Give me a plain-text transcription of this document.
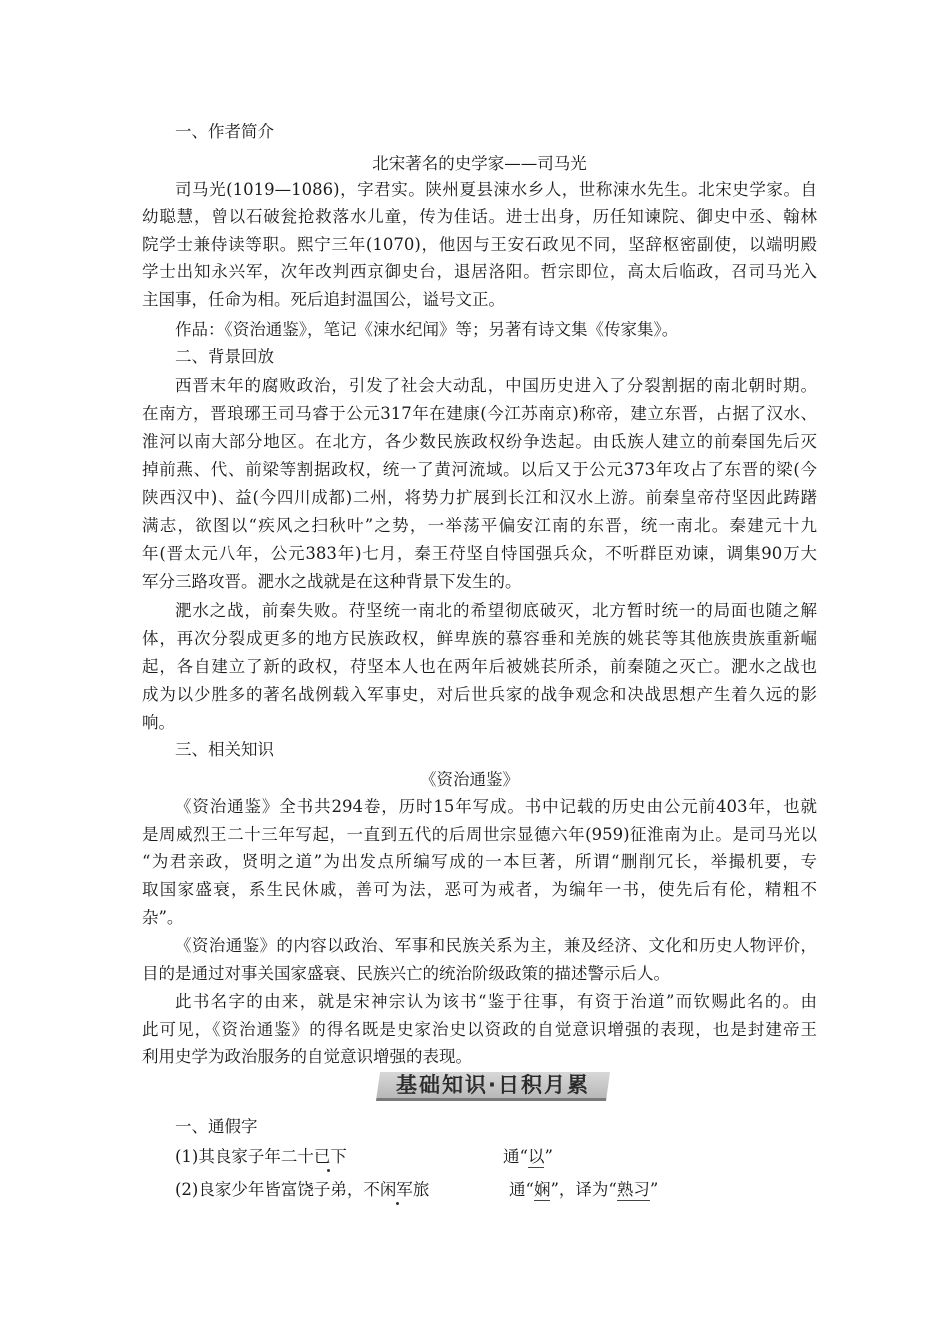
一、作者简介
北宋著名的史学家——司马光
司马光(1019—1086)，字君实。陕州夏县涑水乡人，世称涑水先生。北宋史学家。自
幼聪慧，曾以石破瓮抢救落水儿童，传为佳话。进士出身，历任知谏院、御史中丞、翰林
院学士兼侍读等职。熙宁三年(1070)，他因与王安石政见不同，坚辞枢密副使，以端明殿
学士出知永兴军，次年改判西京御史台，退居洛阳。哲宗即位，高太后临政，召司马光入
主国事，任命为相。死后追封温国公，谥号文正。
作品：《资治通鉴》，笔记《涑水纪闻》等；另著有诗文集《传家集》。
二、背景回放
西晋末年的腐败政治，引发了社会大动乱，中国历史进入了分裂割据的南北朝时期。
在南方，晋琅琊王司马睿于公元317年在建康(今江苏南京)称帝，建立东晋，占据了汉水、
淮河以南大部分地区。在北方，各少数民族政权纷争迭起。由氐族人建立的前秦国先后灭
掉前燕、代、前梁等割据政权，统一了黄河流域。以后又于公元373年攻占了东晋的梁(今
陕西汉中)、益(今四川成都)二州，将势力扩展到长江和汉水上游。前秦皇帝苻坚因此踌躇
满志，欲图以“疾风之扫秋叶”之势，一举荡平偏安江南的东晋，统一南北。秦建元十九
年(晋太元八年，公元383年)七月，秦王苻坚自恃国强兵众，不听群臣劝谏，调集90万大
军分三路攻晋。淝水之战就是在这种背景下发生的。
淝水之战，前秦失败。苻坚统一南北的希望彻底破灭，北方暂时统一的局面也随之解
体，再次分裂成更多的地方民族政权，鲜卑族的慕容垂和羌族的姚苌等其他族贵族重新崛
起，各自建立了新的政权，苻坚本人也在两年后被姚苌所杀，前秦随之灭亡。淝水之战也
成为以少胜多的著名战例载入军事史，对后世兵家的战争观念和决战思想产生着久远的影
响。
三、相关知识
《资治通鉴》
《资治通鉴》全书共294卷，历时15年写成。书中记载的历史由公元前403年，也就
是周威烈王二十三年写起，一直到五代的后周世宗显德六年(959)征淮南为止。是司马光以
“为君亲政，贤明之道”为出发点所编写成的一本巨著，所谓“删削冗长，举撮机要，专
取国家盛衰，系生民休戚，善可为法，恶可为戒者，为编年一书，使先后有伦，精粗不
杂”。
《资治通鉴》的内容以政治、军事和民族关系为主，兼及经济、文化和历史人物评价，
目的是通过对事关国家盛衰、民族兴亡的统治阶级政策的描述警示后人。
此书名字的由来，就是宋神宗认为该书“鉴于往事，有资于治道”而钦赐此名的。由
此可见，《资治通鉴》的得名既是史家治史以资政的自觉意识增强的表现，也是封建帝王
利用史学为政治服务的自觉意识增强的表现。
基础知识·日积月累
一、通假字
(1)其良家子年二十已下	通“以”
(2)良家少年皆富饶子弟，不闲军旅	通“娴”，译为“熟习”
